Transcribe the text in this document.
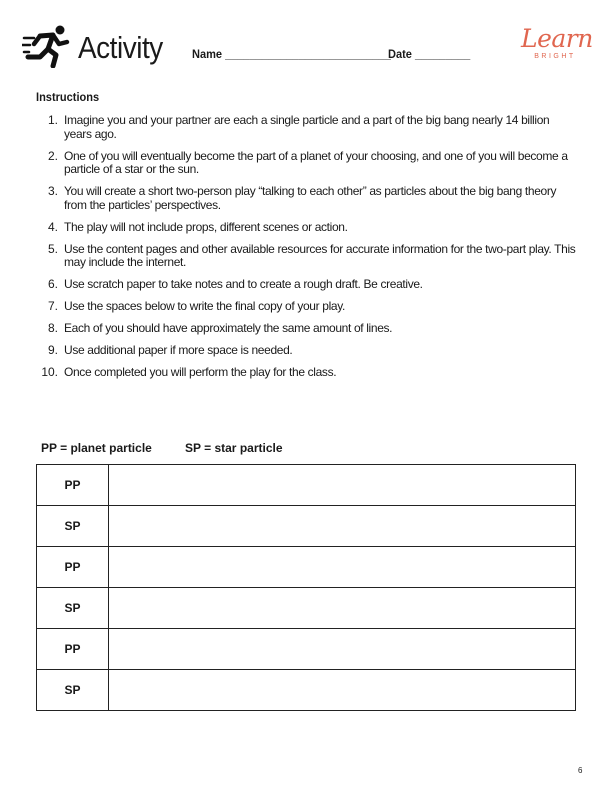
Activity Name ___________________________
Date _________
Learn
BRIGHT
Instructions
1. Imagine you and your partner are each a single particle and a part of the big bang nearly 14 billion years ago.
2. One of you will eventually become the part of a planet of your choosing, and one of you will become a particle of a star or the sun.
3. You will create a short two-person play “talking to each other” as particles about the big bang theory from the particles’ perspectives.
4. The play will not include props, different scenes or action.
5. Use the content pages and other available resources for accurate information for the two-part play. This may include the internet.
6. Use scratch paper to take notes and to create a rough draft. Be creative.
7. Use the spaces below to write the final copy of your play.
8. Each of you should have approximately the same amount of lines.
9. Use additional paper if more space is needed.
10. Once completed you will perform the play for the class.
PP = planet particle	SP = star particle
PP	
SP	
PP	
SP	
PP	
SP	
6
